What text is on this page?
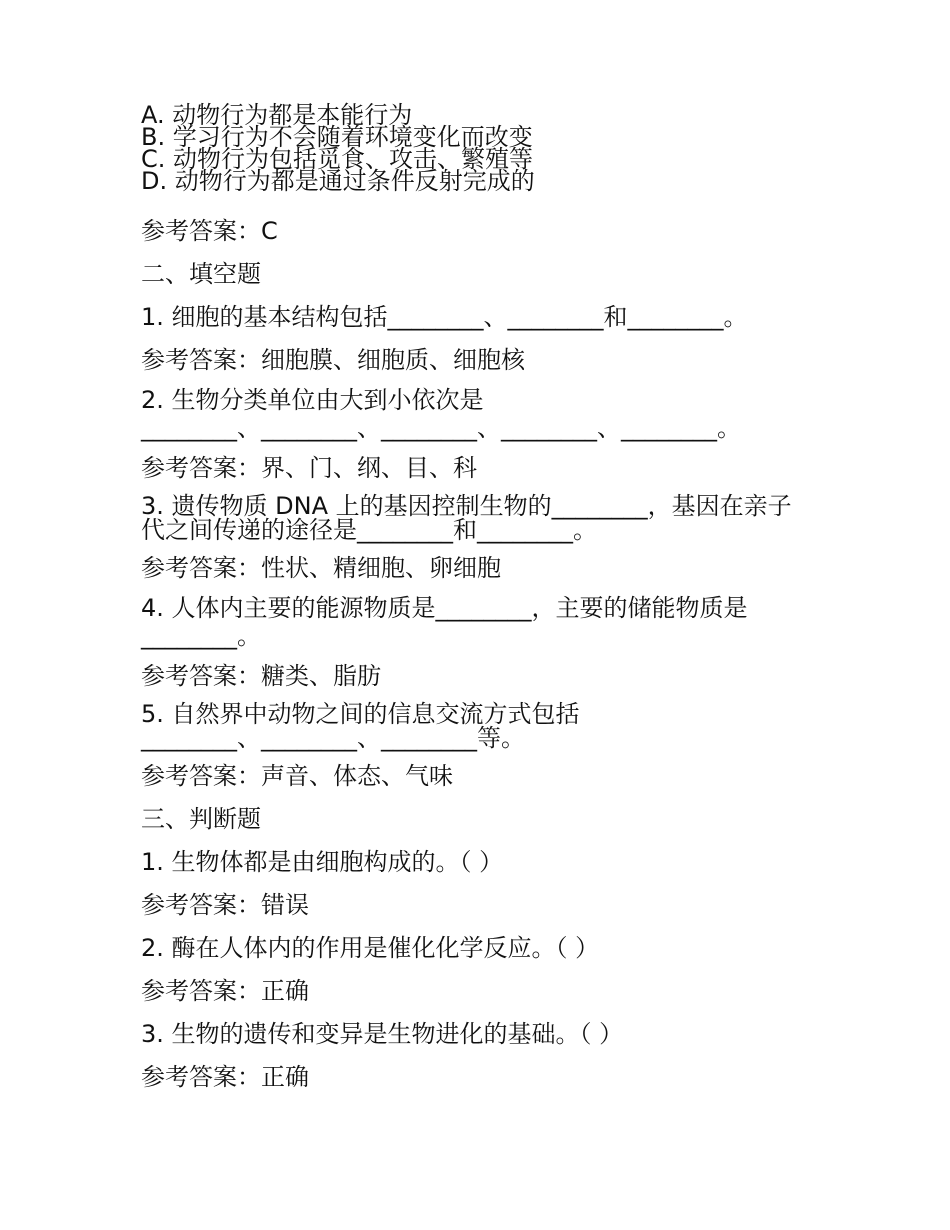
A. 动物行为都是本能行为
B. 学习行为不会随着环境变化而改变
C. 动物行为包括觅食、攻击、繁殖等
D. 动物行为都是通过条件反射完成的

参考答案：C

二、填空题

1. 细胞的基本结构包括________、________和________。

参考答案：细胞膜、细胞质、细胞核

2. 生物分类单位由大到小依次是
________、________、________、________、________。

参考答案：界、门、纲、目、科

3. 遗传物质 DNA 上的基因控制生物的________，基因在亲子
代之间传递的途径是________和________。

参考答案：性状、精细胞、卵细胞

4. 人体内主要的能源物质是________，主要的储能物质是
________。

参考答案：糖类、脂肪

5. 自然界中动物之间的信息交流方式包括
________、________、________等。

参考答案：声音、体态、气味

三、判断题

1. 生物体都是由细胞构成的。（ ）

参考答案：错误

2. 酶在人体内的作用是催化化学反应。（ ）

参考答案：正确

3. 生物的遗传和变异是生物进化的基础。（ ）

参考答案：正确
